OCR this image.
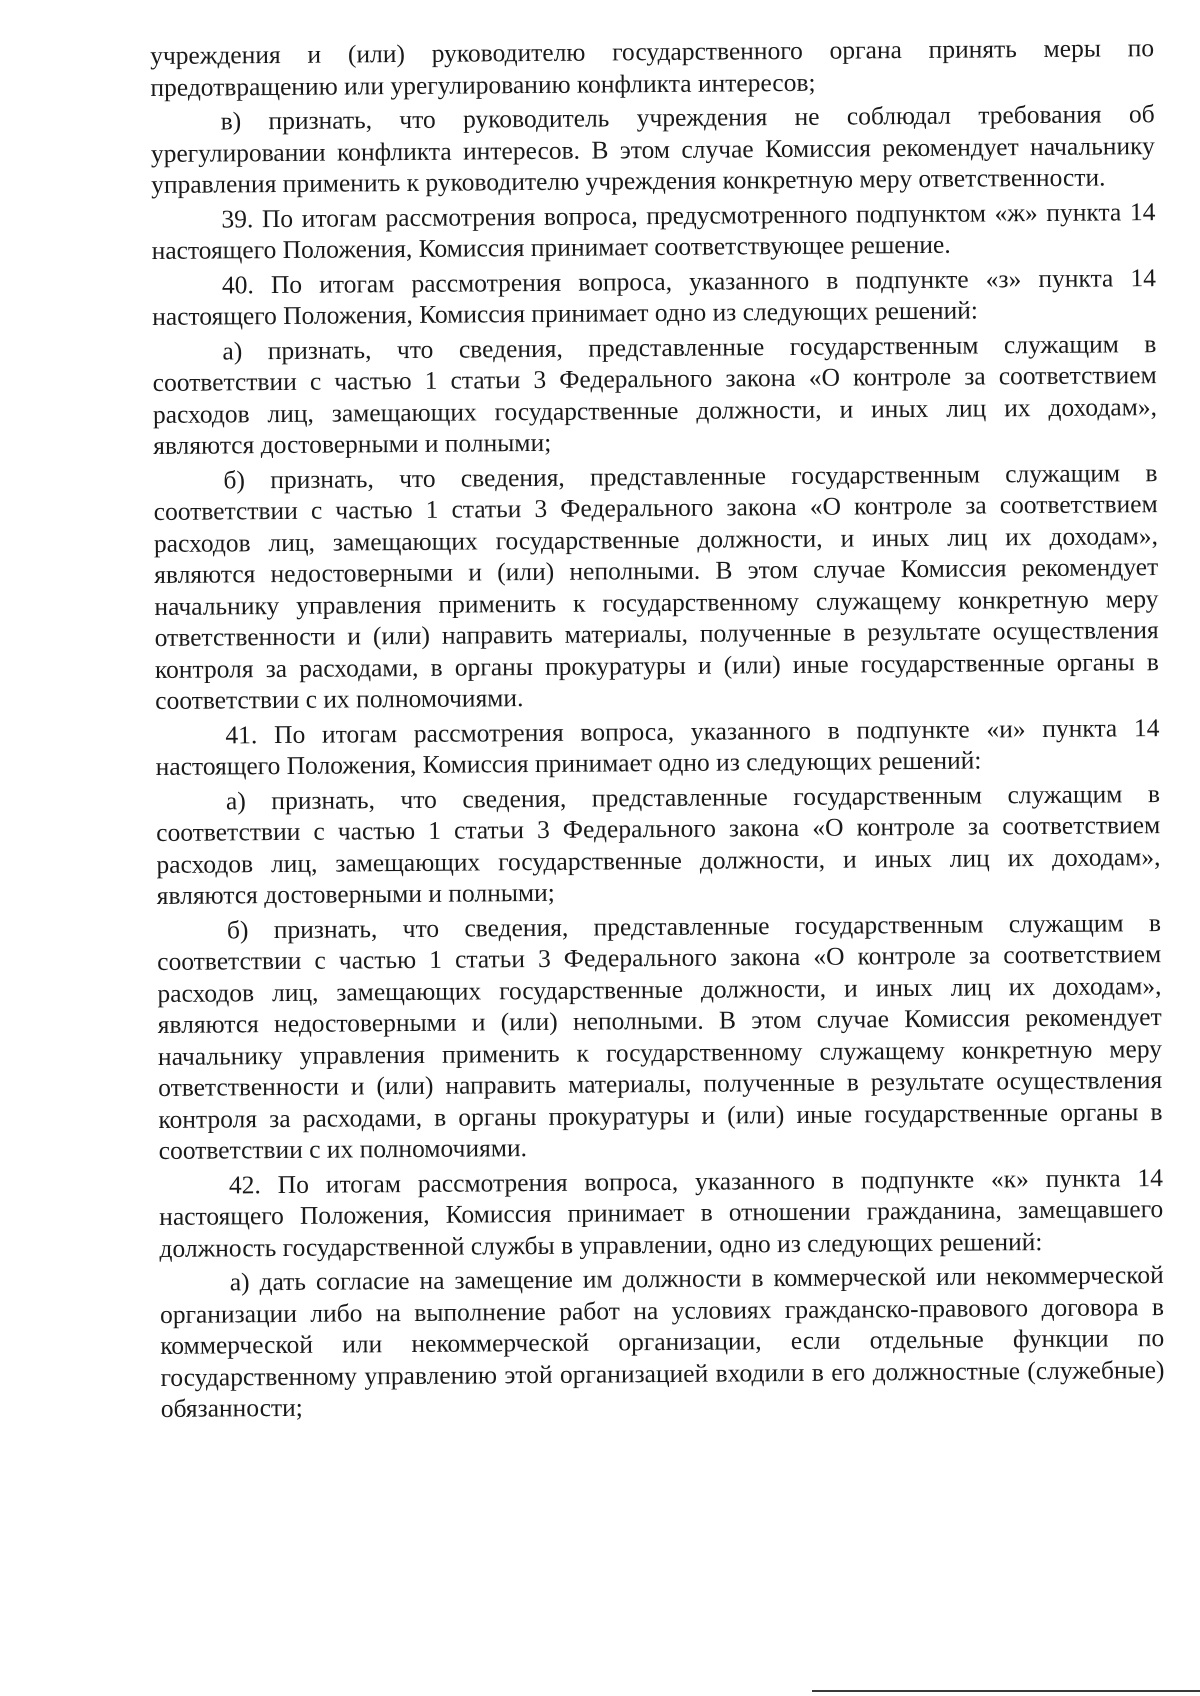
учреждения и (или) руководителю государственного органа принять меры по предотвращению или урегулированию конфликта интересов;

в) признать, что руководитель учреждения не соблюдал требования об урегулировании конфликта интересов. В этом случае Комиссия рекомендует начальнику управления применить к руководителю учреждения конкретную меру ответственности.

39. По итогам рассмотрения вопроса, предусмотренного подпунктом «ж» пункта 14 настоящего Положения, Комиссия принимает соответствующее решение.

40. По итогам рассмотрения вопроса, указанного в подпункте «з» пункта 14 настоящего Положения, Комиссия принимает одно из следующих решений:

а) признать, что сведения, представленные государственным служащим в соответствии с частью 1 статьи 3 Федерального закона «О контроле за соответствием расходов лиц, замещающих государственные должности, и иных лиц их доходам», являются достоверными и полными;

б) признать, что сведения, представленные государственным служащим в соответствии с частью 1 статьи 3 Федерального закона «О контроле за соответствием расходов лиц, замещающих государственные должности, и иных лиц их доходам», являются недостоверными и (или) неполными. В этом случае Комиссия рекомендует начальнику управления применить к государственному служащему конкретную меру ответственности и (или) направить материалы, полученные в результате осуществления контроля за расходами, в органы прокуратуры и (или) иные государственные органы в соответствии с их полномочиями.

41. По итогам рассмотрения вопроса, указанного в подпункте «и» пункта 14 настоящего Положения, Комиссия принимает одно из следующих решений:

а) признать, что сведения, представленные государственным служащим в соответствии с частью 1 статьи 3 Федерального закона «О контроле за соответствием расходов лиц, замещающих государственные должности, и иных лиц их доходам», являются достоверными и полными;

б) признать, что сведения, представленные государственным служащим в соответствии с частью 1 статьи 3 Федерального закона «О контроле за соответствием расходов лиц, замещающих государственные должности, и иных лиц их доходам», являются недостоверными и (или) неполными. В этом случае Комиссия рекомендует начальнику управления применить к государственному служащему конкретную меру ответственности и (или) направить материалы, полученные в результате осуществления контроля за расходами, в органы прокуратуры и (или) иные государственные органы в соответствии с их полномочиями.

42. По итогам рассмотрения вопроса, указанного в подпункте «к» пункта 14 настоящего Положения, Комиссия принимает в отношении гражданина, замещавшего должность государственной службы в управлении, одно из следующих решений:

а) дать согласие на замещение им должности в коммерческой или некоммерческой организации либо на выполнение работ на условиях гражданско-правового договора в коммерческой или некоммерческой организации, если отдельные функции по государственному управлению этой организацией входили в его должностные (служебные) обязанности;
